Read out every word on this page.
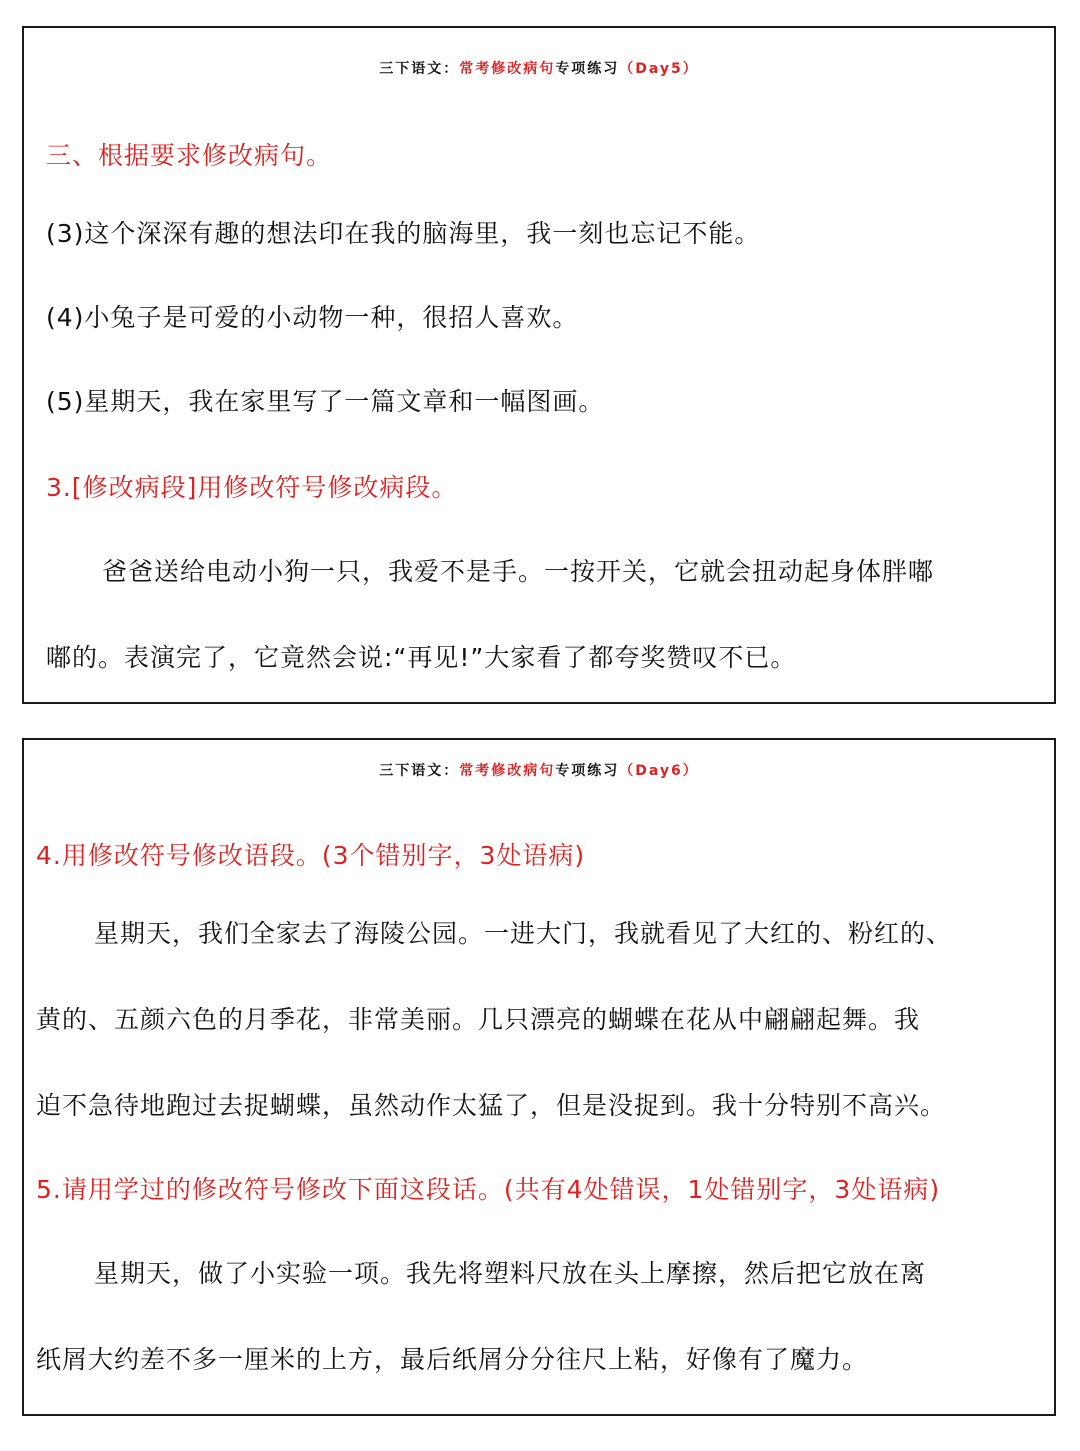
三下语文：常考修改病句专项练习（Day5）
三、根据要求修改病句。
(3)这个深深有趣的想法印在我的脑海里，我一刻也忘记不能。
(4)小兔子是可爱的小动物一种，很招人喜欢。
(5)星期天，我在家里写了一篇文章和一幅图画。
3.[修改病段]用修改符号修改病段。
爸爸送给电动小狗一只，我爱不是手。一按开关，它就会扭动起身体胖嘟
嘟的。表演完了，它竟然会说:“再见!”大家看了都夸奖赞叹不已。
三下语文：常考修改病句专项练习（Day6）
4.用修改符号修改语段。(3个错别字，3处语病)
星期天，我们全家去了海陵公园。一进大门，我就看见了大红的、粉红的、
黄的、五颜六色的月季花，非常美丽。几只漂亮的蝴蝶在花从中翩翩起舞。我
迫不急待地跑过去捉蝴蝶，虽然动作太猛了，但是没捉到。我十分特别不高兴。
5.请用学过的修改符号修改下面这段话。(共有4处错误，1处错别字，3处语病)
星期天，做了小实验一项。我先将塑料尺放在头上摩擦，然后把它放在离
纸屑大约差不多一厘米的上方，最后纸屑分分往尺上粘，好像有了魔力。
